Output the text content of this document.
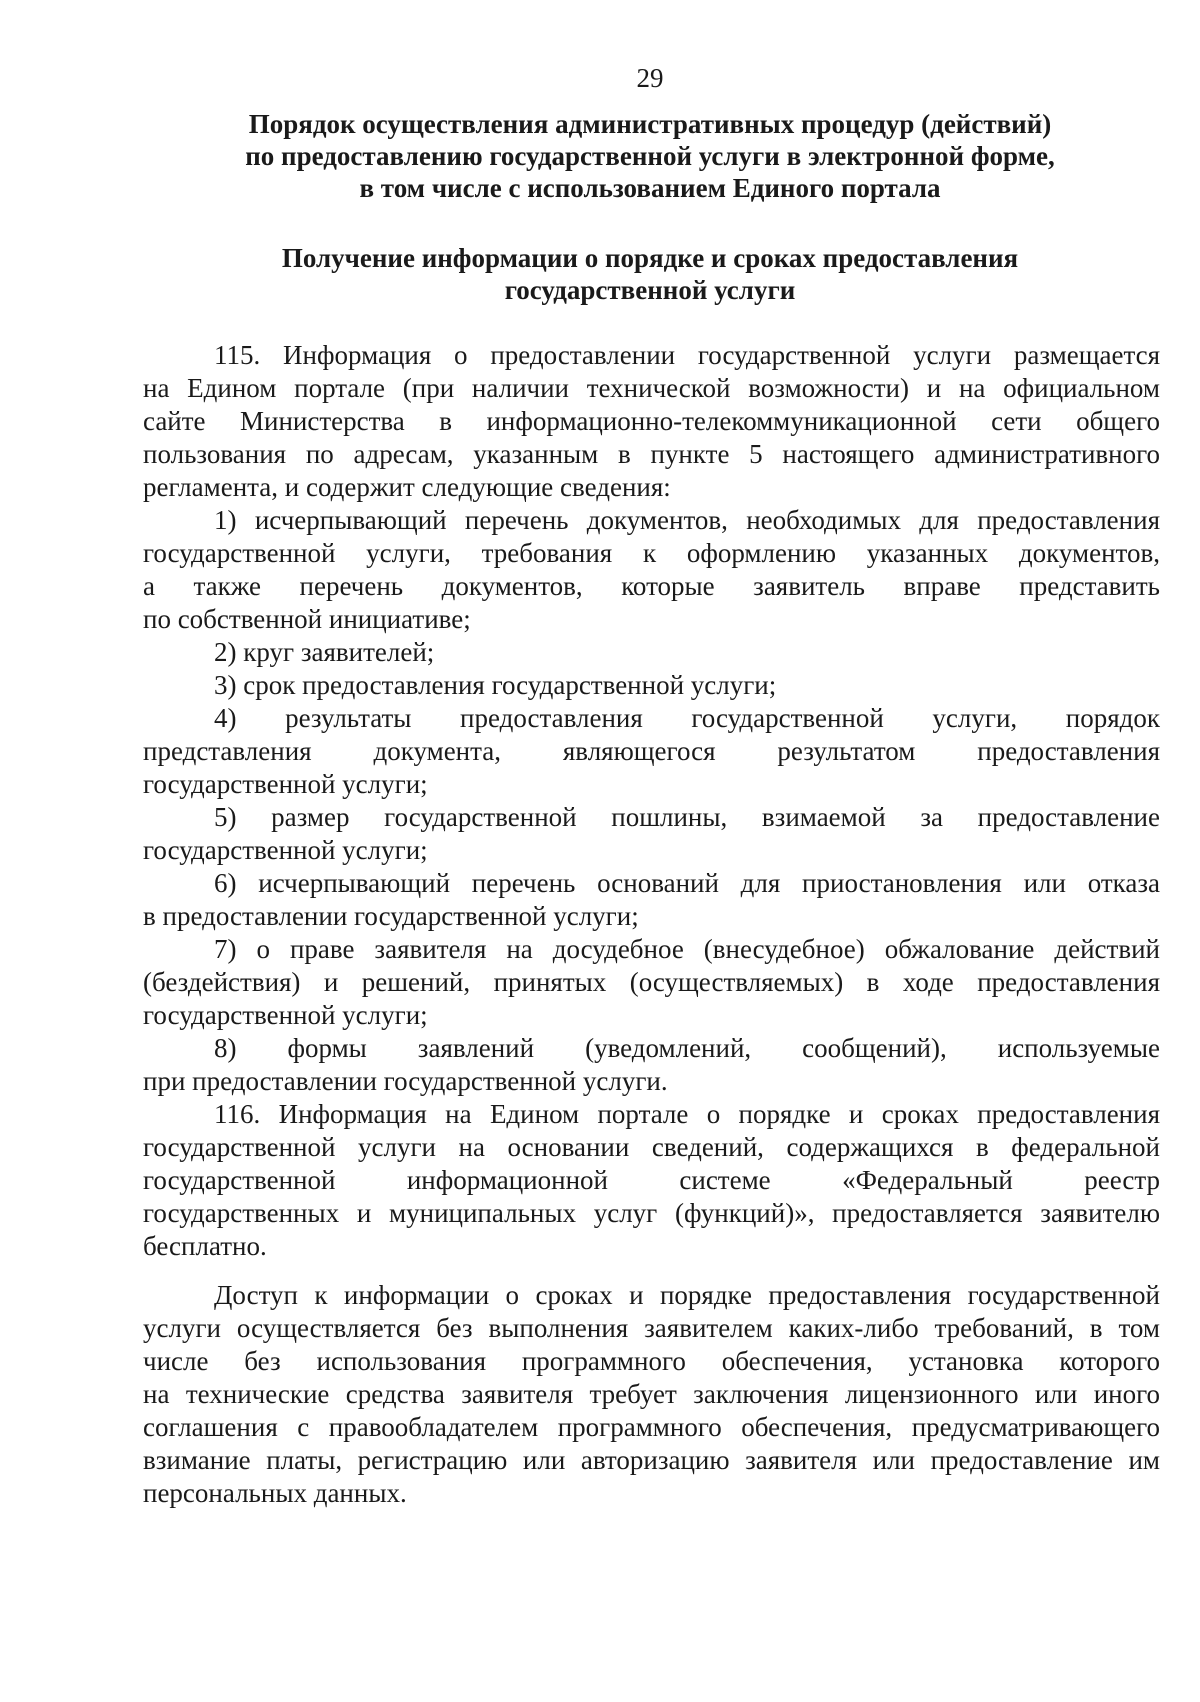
29
Порядок осуществления административных процедур (действий)
по предоставлению государственной услуги в электронной форме,
в том числе с использованием Единого портала
Получение информации о порядке и сроках предоставления
государственной услуги
115. Информация о предоставлении государственной услуги размещается
на Едином портале (при наличии технической возможности) и на официальном
сайте Министерства в информационно-телекоммуникационной сети общего
пользования по адресам, указанным в пункте 5 настоящего административного
регламента, и содержит следующие сведения:
1) исчерпывающий перечень документов, необходимых для предоставления
государственной услуги, требования к оформлению указанных документов,
а также перечень документов, которые заявитель вправе представить
по собственной инициативе;
2) круг заявителей;
3) срок предоставления государственной услуги;
4) результаты предоставления государственной услуги, порядок
представления документа, являющегося результатом предоставления
государственной услуги;
5) размер государственной пошлины, взимаемой за предоставление
государственной услуги;
6) исчерпывающий перечень оснований для приостановления или отказа
в предоставлении государственной услуги;
7) о праве заявителя на досудебное (внесудебное) обжалование действий
(бездействия) и решений, принятых (осуществляемых) в ходе предоставления
государственной услуги;
8) формы заявлений (уведомлений, сообщений), используемые
при предоставлении государственной услуги.
116. Информация на Едином портале о порядке и сроках предоставления
государственной услуги на основании сведений, содержащихся в федеральной
государственной информационной системе «Федеральный реестр
государственных и муниципальных услуг (функций)», предоставляется заявителю
бесплатно.
Доступ к информации о сроках и порядке предоставления государственной
услуги осуществляется без выполнения заявителем каких-либо требований, в том
числе без использования программного обеспечения, установка которого
на технические средства заявителя требует заключения лицензионного или иного
соглашения с правообладателем программного обеспечения, предусматривающего
взимание платы, регистрацию или авторизацию заявителя или предоставление им
персональных данных.
